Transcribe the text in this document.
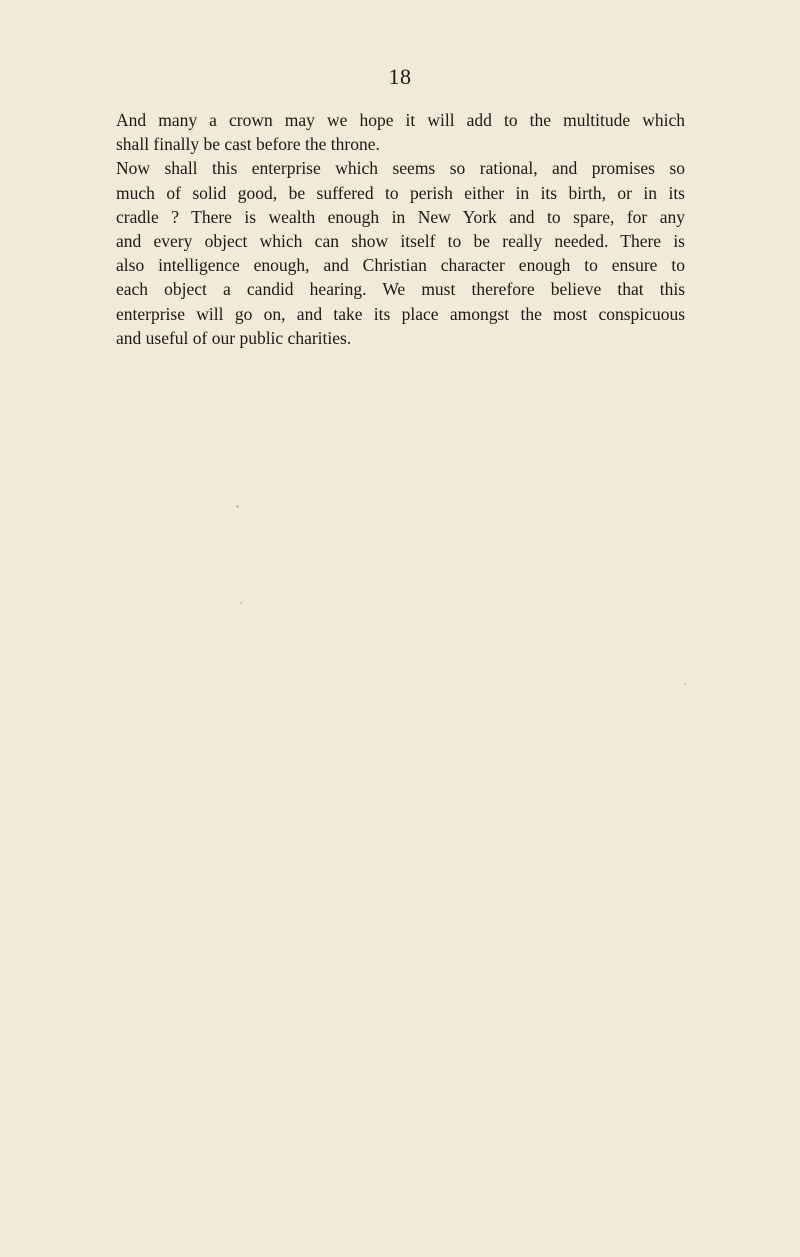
18

And many a crown may we hope it will add to the multitude which
shall finally be cast before the throne.

Now shall this enterprise which seems so rational, and promises so
much of solid good, be suffered to perish either in its birth, or in its
cradle ? There is wealth enough in New York and to spare, for any
and every object which can show itself to be really needed. There is
also intelligence enough, and Christian character enough to ensure to
each object a candid hearing. We must therefore believe that this
enterprise will go on, and take its place amongst the most conspicuous
and useful of our public charities.
